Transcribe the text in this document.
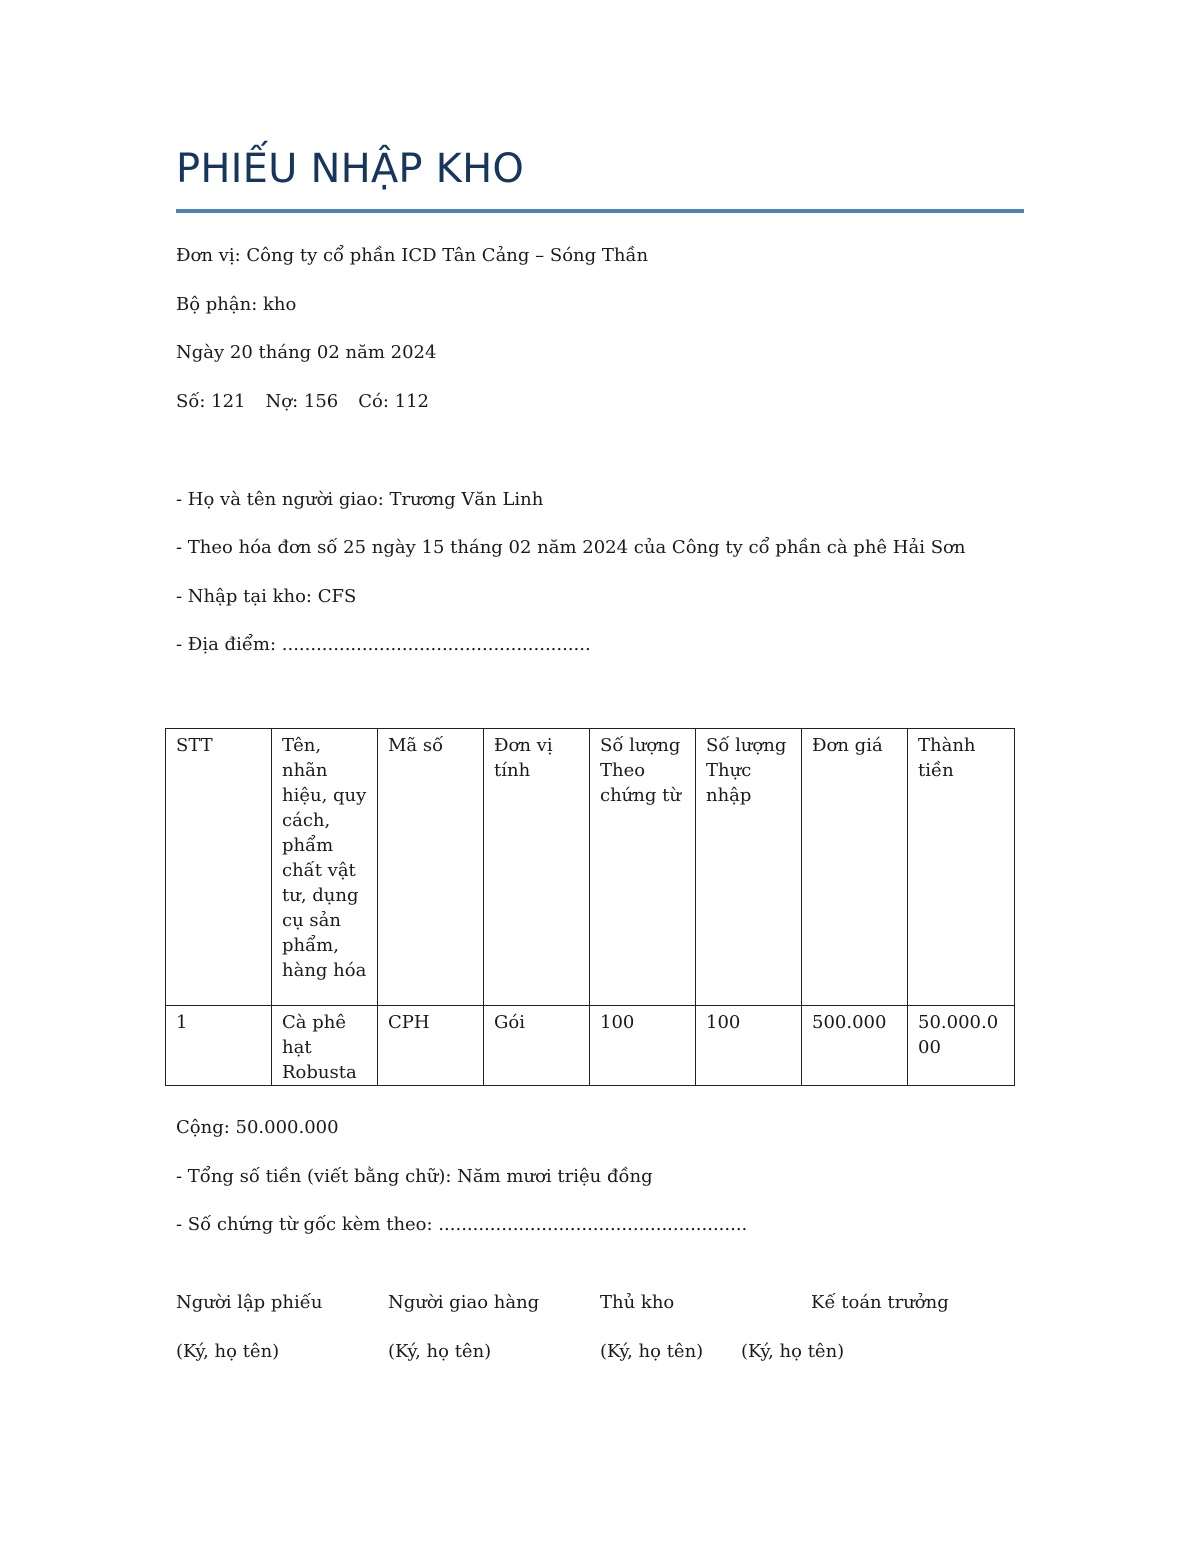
PHIẾU NHẬP KHO
Đơn vị: Công ty cổ phần ICD Tân Cảng – Sóng Thần
Bộ phận: kho
Ngày 20 tháng 02 năm 2024
Số: 121 Nợ: 156 Có: 112
- Họ và tên người giao: Trương Văn Linh
- Theo hóa đơn số 25 ngày 15 tháng 02 năm 2024 của Công ty cổ phần cà phê Hải Sơn
- Nhập tại kho: CFS
- Địa điểm: ......................................................
STT	Tên, nhãn hiệu, quy cách, phẩm chất vật tư, dụng cụ sản phẩm, hàng hóa	Mã số	Đơn vị tính	Số lượng Theo chứng từ	Số lượng Thực nhập	Đơn giá	Thành tiền
1	Cà phê hạt Robusta	CPH	Gói	100	100	500.000	50.000.000
Cộng: 50.000.000
- Tổng số tiền (viết bằng chữ): Năm mươi triệu đồng
- Số chứng từ gốc kèm theo: ......................................................
Người lập phiếu	Người giao hàng	Thủ kho	Kế toán trưởng
(Ký, họ tên)	(Ký, họ tên)	(Ký, họ tên) (Ký, họ tên)
